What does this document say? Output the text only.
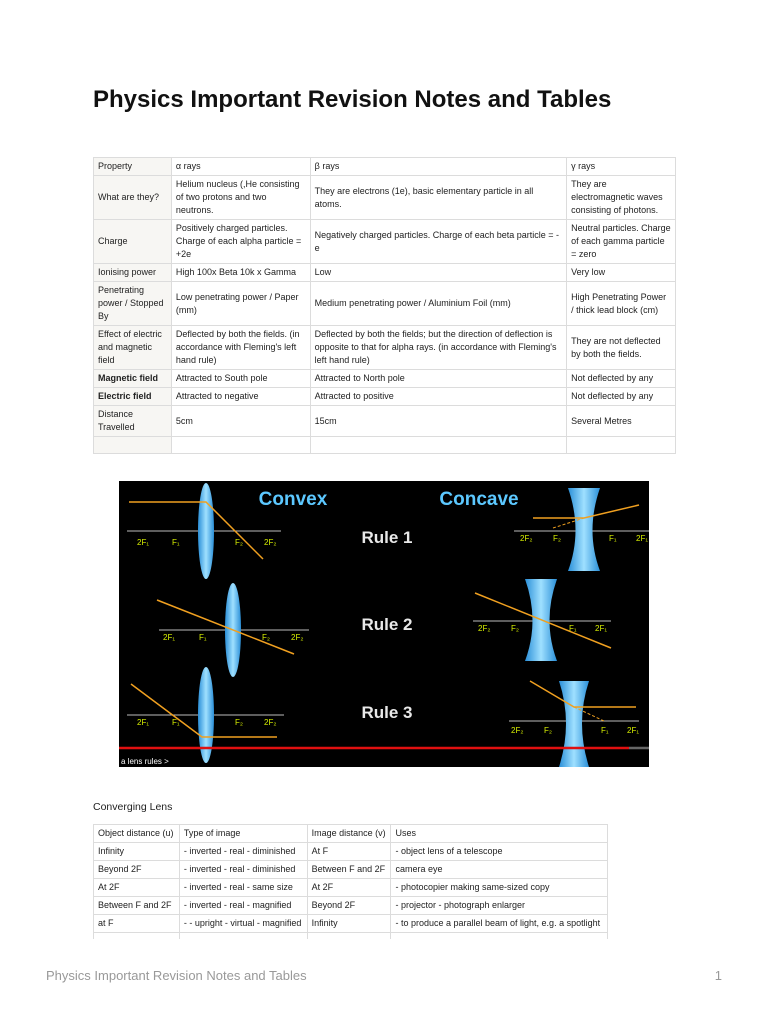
Physics Important Revision Notes and Tables
Property	α rays	β rays	γ rays
What are they?	Helium nucleus (,He consisting of two protons and two neutrons.	They are electrons (1e), basic elementary particle in all atoms.	They are electromagnetic waves consisting of photons.
Charge	Positively charged particles. Charge of each alpha particle = +2e	Negatively charged particles. Charge of each beta particle = -e	Neutral particles. Charge of each gamma particle = zero
Ionising power	High 100x Beta 10k x Gamma	Low	Very low
Penetrating power / Stopped By	Low penetrating power / Paper (mm)	Medium penetrating power / Aluminium Foil (mm)	High Penetrating Power / thick lead block (cm)
Effect of electric and magnetic field	Deflected by both the fields. (in accordance with Fleming's left hand rule)	Deflected by both the fields; but the direction of deflection is opposite to that for alpha rays. (in accordance with Fleming's left hand rule)	They are not deflected by both the fields.
Magnetic field	Attracted to South pole	Attracted to North pole	Not deflected by any
Electric field	Attracted to negative	Attracted to positive	Not deflected by any
Distance Travelled	5cm	15cm	Several Metres

Convex	Concave
Rule 1
Rule 2
Rule 3
2F₁	F₁	F₂	2F₂
2F₁	F₁	F₂	2F₂
2F₁	F₁	F₂	2F₂
2F₂	F₂	F₁ 2F₁
2F₂	F₂	F₁ 2F₁
2F₂	F₂	F₁ 2F₁
a lens rules >
Converging Lens
Object distance (u)	Type of image	Image distance (v)	Uses
Infinity	- inverted - real - diminished	At F	- object lens of a telescope
Beyond 2F	- inverted - real - diminished	Between F and 2F	camera eye
At 2F	- inverted - real - same size	At 2F	- photocopier making same-sized copy
Between F and 2F	- inverted - real - magnified	Beyond 2F	- projector - photograph enlarger
at F	- - upright - virtual - magnified	Infinity	- to produce a parallel beam of light, e.g. a spotlight

Physics Important Revision Notes and Tables	1
